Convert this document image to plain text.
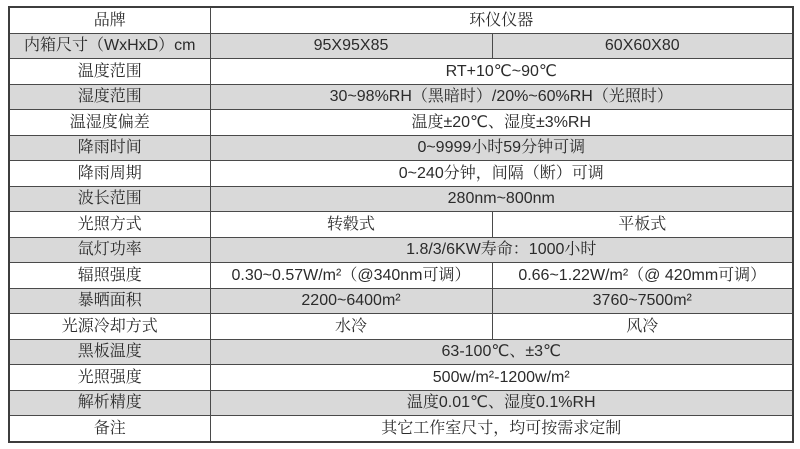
品牌	环仪仪器	
内箱尺寸（WxHxD）cm	95X95X85	60X60X80
温度范围	RT+10℃~90℃	
湿度范围	30~98%RH（黑暗时）/20%~60%RH（光照时）	
温湿度偏差	温度±20℃、湿度±3%RH	
降雨时间	0~9999小时59分钟可调	
降雨周期	0~240分钟，间隔（断）可调	
波长范围	280nm~800nm	
光照方式	转毂式	平板式
氙灯功率	1.8/3/6KW寿命：1000小时	
辐照强度	0.30~0.57W/m²（@340nm可调）	0.66~1.22W/m²（@ 420mm可调）
暴晒面积	2200~6400m²	3760~7500m²
光源冷却方式	水冷	风冷
黑板温度	63-100℃、±3℃	
光照强度	500w/m²-1200w/m²	
解析精度	温度0.01℃、湿度0.1%RH	
备注	其它工作室尺寸，均可按需求定制	
